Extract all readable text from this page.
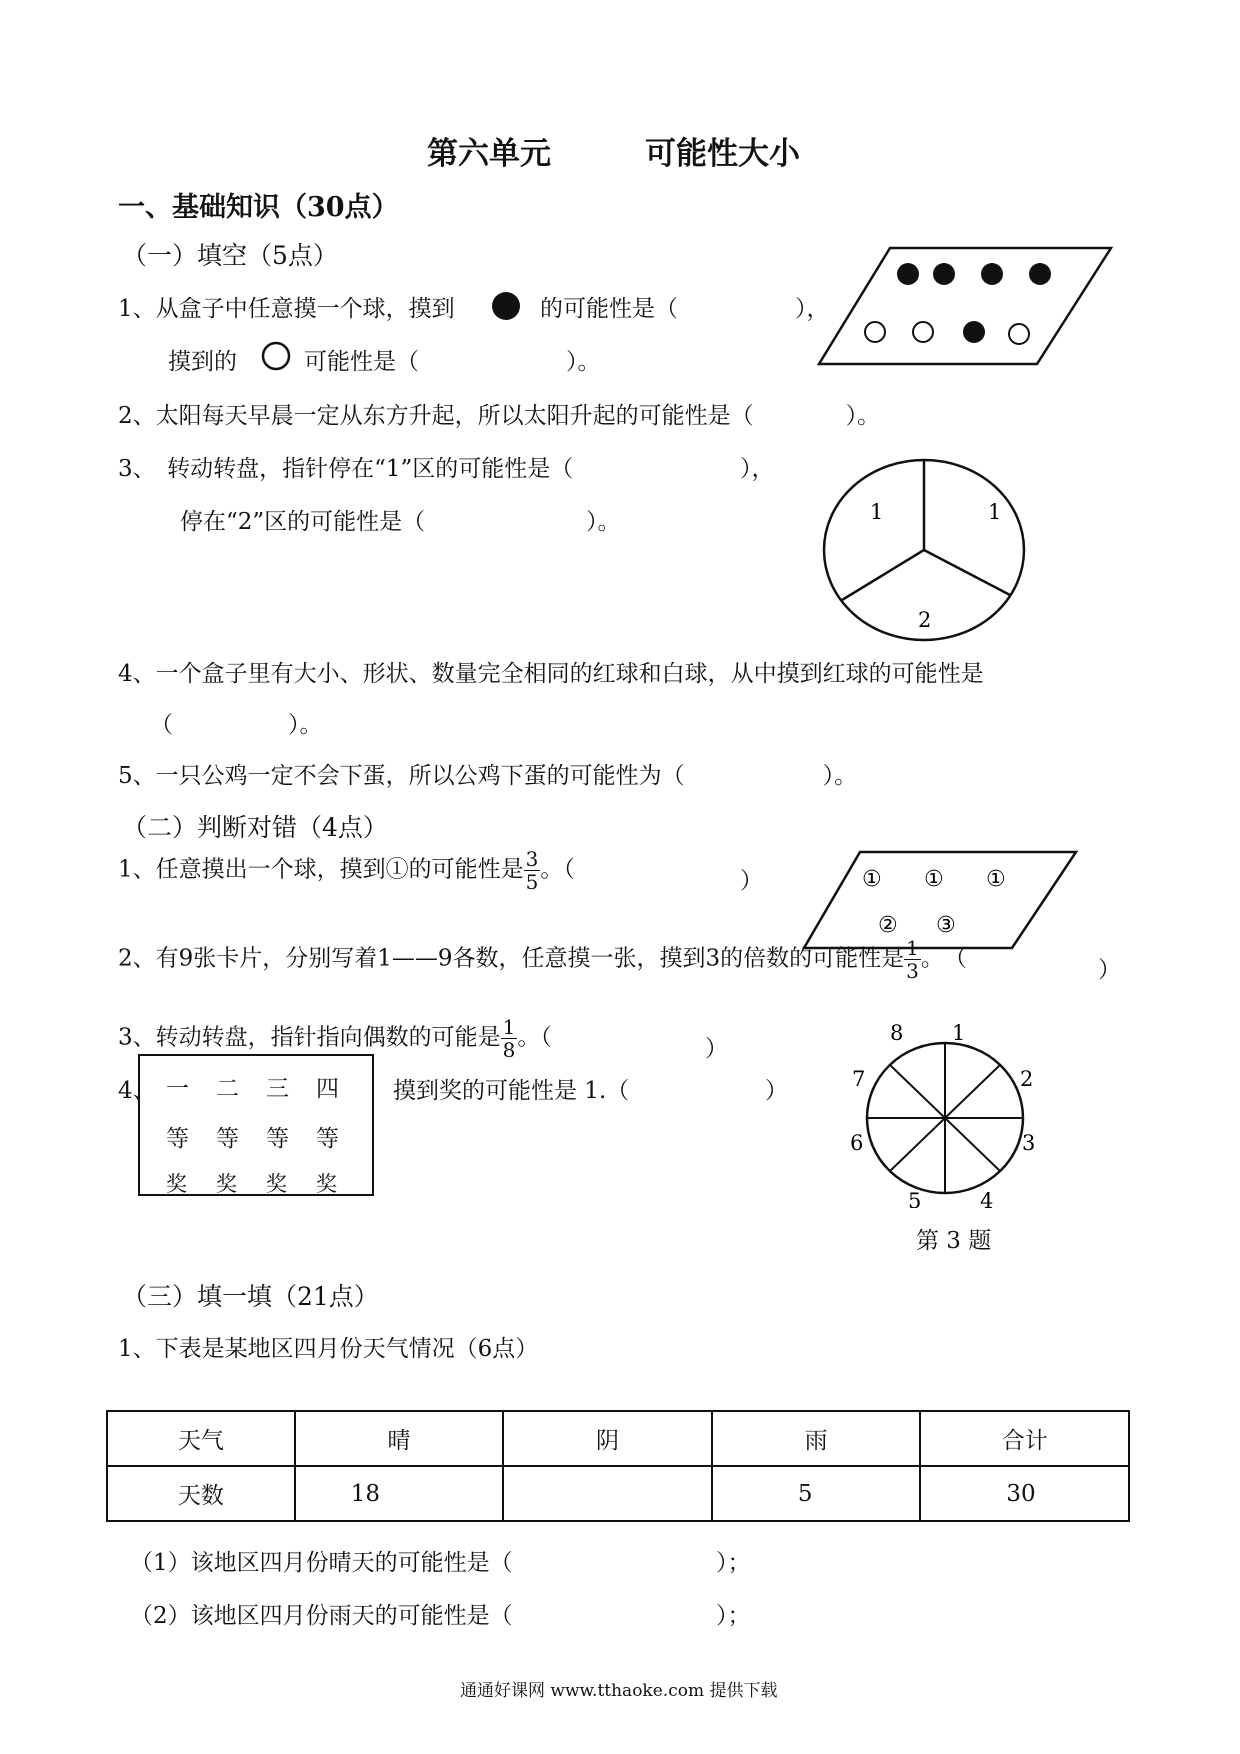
第六单元	可能性大小
一、基础知识（30点）
（一）填空（5点）
1、从盒子中任意摸一个球，摸到	的可能性是（	），
摸到的	可能性是（	）。
2、太阳每天早晨一定从东方升起，所以太阳升起的可能性是（　　　　）。
3、　转动转盘，指针停在“1”区的可能性是（	），
停在“2”区的可能性是（	）。	1	1
2
4、一个盒子里有大小、形状、数量完全相同的红球和白球，从中摸到红球的可能性是
（　　　　　）。
5、一只公鸡一定不会下蛋，所以公鸡下蛋的可能性为（　　　　　　）。
（二）判断对错（4点）
1、任意摸出一个球，摸到①的可能性是 $\frac{3}{5}$ 。（	）	① ① ①
② ③
2、有9张卡片，分别写着1——9各数，任意摸一张，摸到3的倍数的可能性是 $\frac{1}{3}$ 。　（	）
3、转动转盘，指针指向偶数的可能是 $\frac{1}{8}$ 。（	）
4、 一 二 三 四
等 等 等 等
奖 奖 奖 奖
摸到奖的可能性是 1.（	）
1
2
3
4
5
6
7
8
第 3 题
（三）填一填（21点）
1、下表是某地区四月份天气情况（6点）
天气	晴	阴	雨	合计
天数	18		5	30
（1）该地区四月份晴天的可能性是（	）；
（2）该地区四月份雨天的可能性是（	）；
通通好课网 www.tthaoke.com 提供下载
